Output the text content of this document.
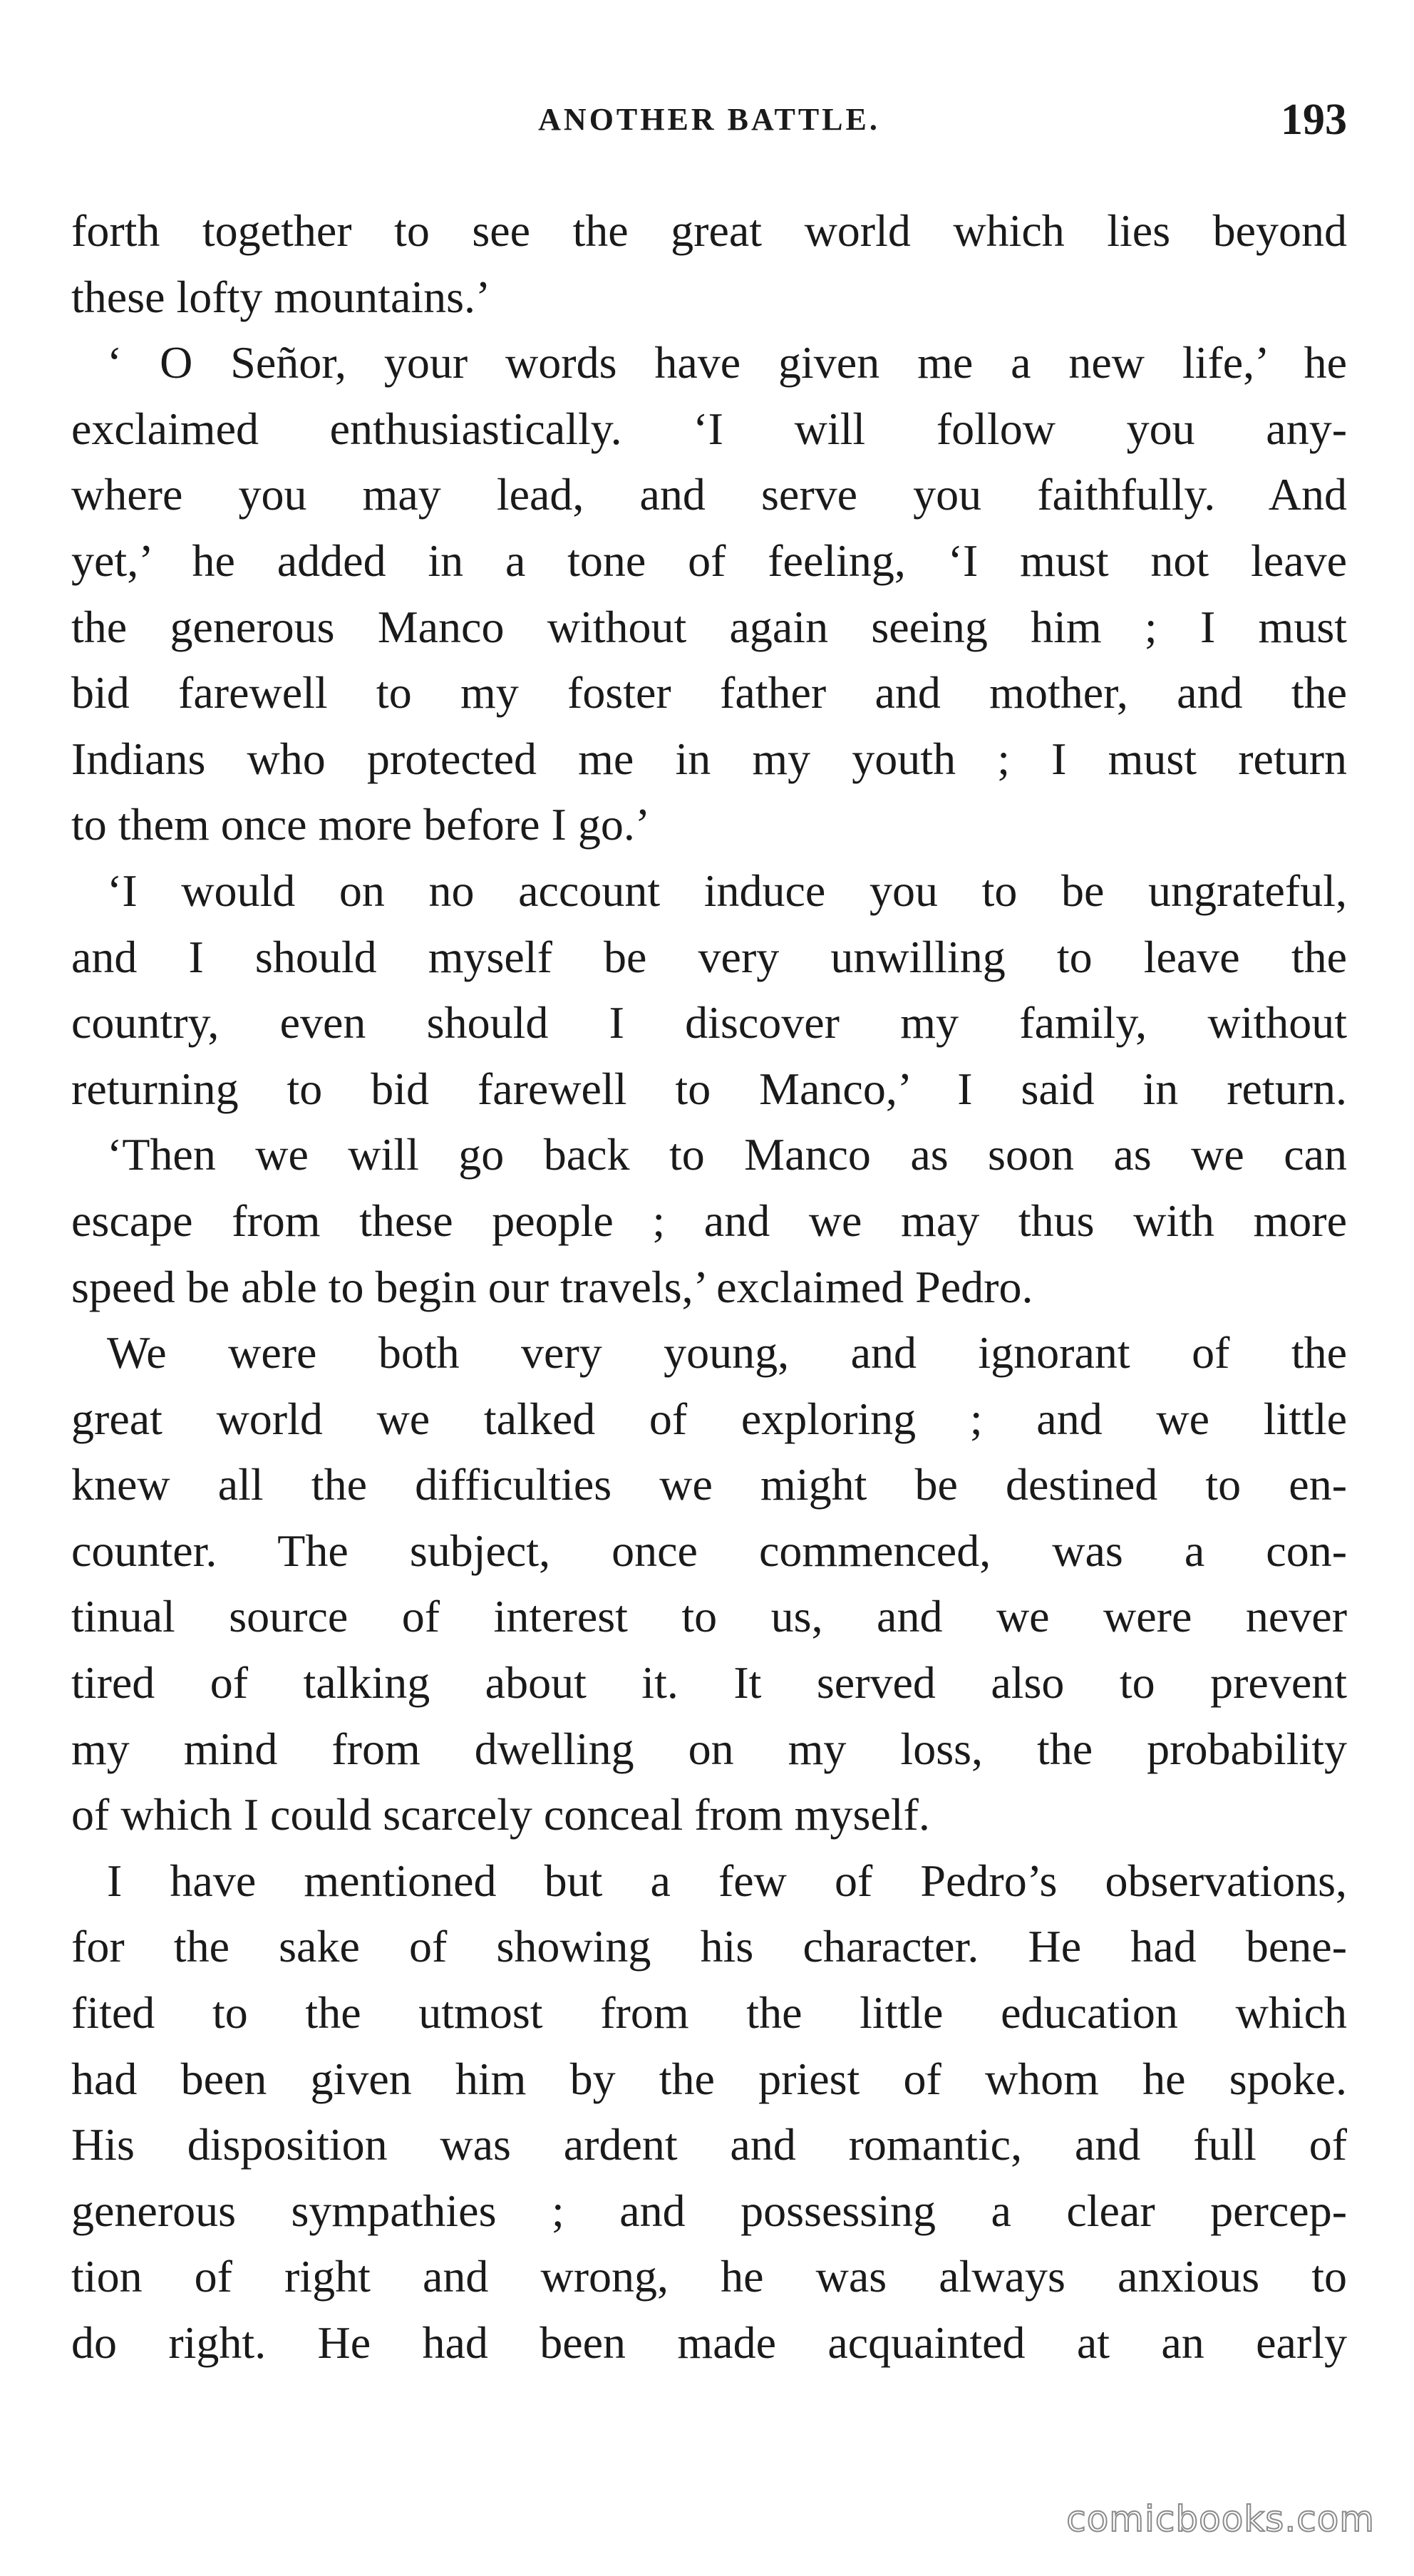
ANOTHER BATTLE.	193
forth together to see the great world which lies beyond
these lofty mountains.’
‘ O Señor, your words have given me a new life,’ he
exclaimed enthusiastically. ‘I will follow you any-
where you may lead, and serve you faithfully. And
yet,’ he added in a tone of feeling, ‘I must not leave
the generous Manco without again seeing him ; I must
bid farewell to my foster father and mother, and the
Indians who protected me in my youth ; I must return
to them once more before I go.’
‘I would on no account induce you to be ungrateful,
and I should myself be very unwilling to leave the
country, even should I discover my family, without
returning to bid farewell to Manco,’ I said in return.
‘Then we will go back to Manco as soon as we can
escape from these people ; and we may thus with more
speed be able to begin our travels,’ exclaimed Pedro.
We were both very young, and ignorant of the
great world we talked of exploring ; and we little
knew all the difficulties we might be destined to en-
counter. The subject, once commenced, was a con-
tinual source of interest to us, and we were never
tired of talking about it. It served also to prevent
my mind from dwelling on my loss, the probability
of which I could scarcely conceal from myself.
I have mentioned but a few of Pedro’s observations,
for the sake of showing his character. He had bene-
fited to the utmost from the little education which
had been given him by the priest of whom he spoke.
His disposition was ardent and romantic, and full of
generous sympathies ; and possessing a clear percep-
tion of right and wrong, he was always anxious to
do right. He had been made acquainted at an early
comicbooks.com
